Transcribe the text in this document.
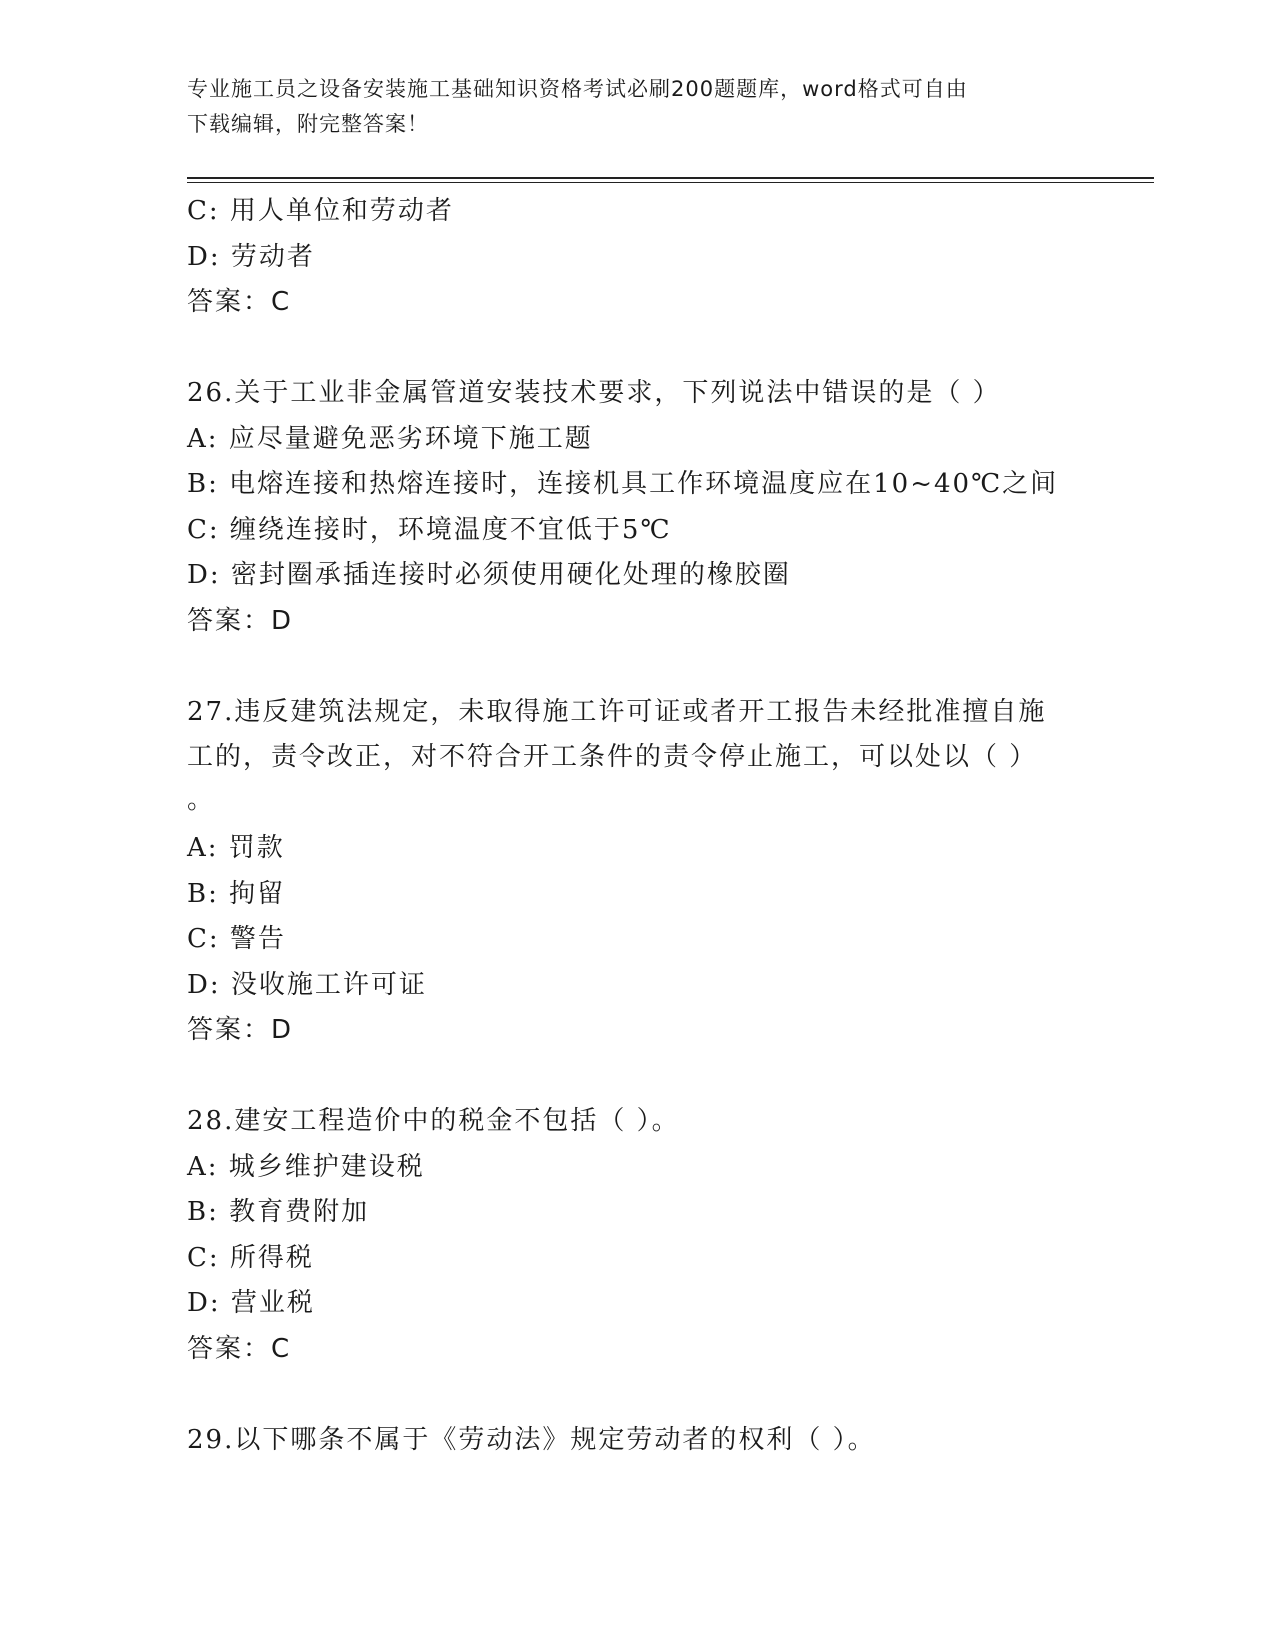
专业施工员之设备安装施工基础知识资格考试必刷200题题库，word格式可自由
下载编辑，附完整答案！
C: 用人单位和劳动者
D: 劳动者
答案：C
26.关于工业非金属管道安装技术要求，下列说法中错误的是（ ）
A: 应尽量避免恶劣环境下施工题
B: 电熔连接和热熔连接时，连接机具工作环境温度应在10~40℃之间
C: 缠绕连接时，环境温度不宜低于5℃
D: 密封圈承插连接时必须使用硬化处理的橡胶圈
答案：D
27.违反建筑法规定，未取得施工许可证或者开工报告未经批准擅自施
工的，责令改正，对不符合开工条件的责令停止施工，可以处以（ ）
。
A: 罚款
B: 拘留
C: 警告
D: 没收施工许可证
答案：D
28.建安工程造价中的税金不包括（ ）。
A: 城乡维护建设税
B: 教育费附加
C: 所得税
D: 营业税
答案：C
29.以下哪条不属于《劳动法》规定劳动者的权利（ ）。
